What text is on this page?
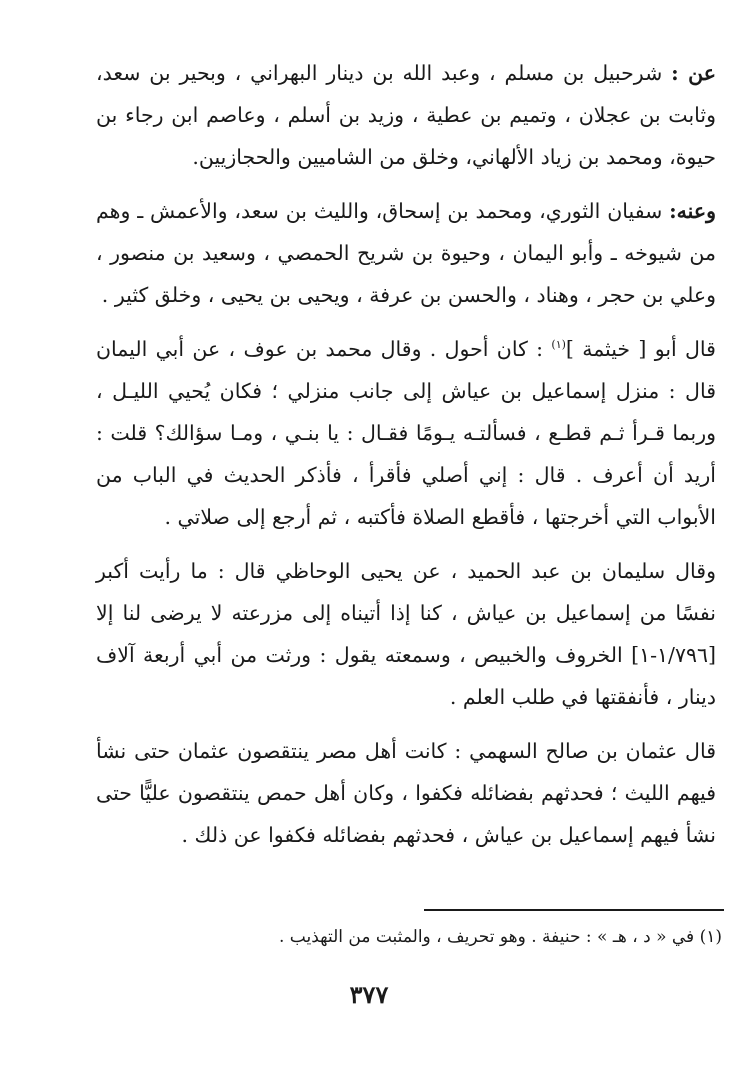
عن : شرحبيل بن مسلم ، وعبد الله بن دينار البهراني ، وبحير بن سعد، وثابت بن عجلان ، وتميم بن عطية ، وزيد بن أسلم ، وعاصم ابن رجاء بن حيوة، ومحمد بن زياد الألهاني، وخلق من الشاميين والحجازيين.

وعنه: سفيان الثوري، ومحمد بن إسحاق، والليث بن سعد، والأعمش ـ وهم من شيوخه ـ وأبو اليمان ، وحيوة بن شريح الحمصي ، وسعيد بن منصور ، وعلي بن حجر ، وهناد ، والحسن بن عرفة ، ويحيى بن يحيى ، وخلق كثير .

قال أبو [ خيثمة ]$^{(١)}$ : كان أحول . وقال محمد بن عوف ، عن أبي اليمان قال : منزل إسماعيل بن عياش إلى جانب منزلي ؛ فكان يُحيي الليـل ، وربما قـرأ ثـم قطـع ، فسألتـه يـومًا فقـال : يا بنـي ، ومـا سؤالك؟ قلت : أريد أن أعرف . قال : إني أصلي فأقرأ ، فأذكر الحديث في الباب من الأبواب التي أخرجتها ، فأقطع الصلاة فأكتبه ، ثم أرجع إلى صلاتي .

وقال سليمان بن عبد الحميد ، عن يحيى الوحاظي قال : ما رأيت أكبر نفسًا من إسماعيل بن عياش ، كنا إذا أتيناه إلى مزرعته لا يرضى لنا إلا [١/٧٩٦-١] الخروف والخبيص ، وسمعته يقول : ورثت من أبي أربعة آلاف دينار ، فأنفقتها في طلب العلم .

قال عثمان بن صالح السهمي : كانت أهل مصر ينتقصون عثمان حتى نشأ فيهم الليث ؛ فحدثهم بفضائله فكفوا ، وكان أهل حمص ينتقصون عليًّا حتى نشأ فيهم إسماعيل بن عياش ، فحدثهم بفضائله فكفوا عن ذلك .

(١) في « د ، هـ » : حنيفة . وهو تحريف ، والمثبت من التهذيب .
٣٧٧
